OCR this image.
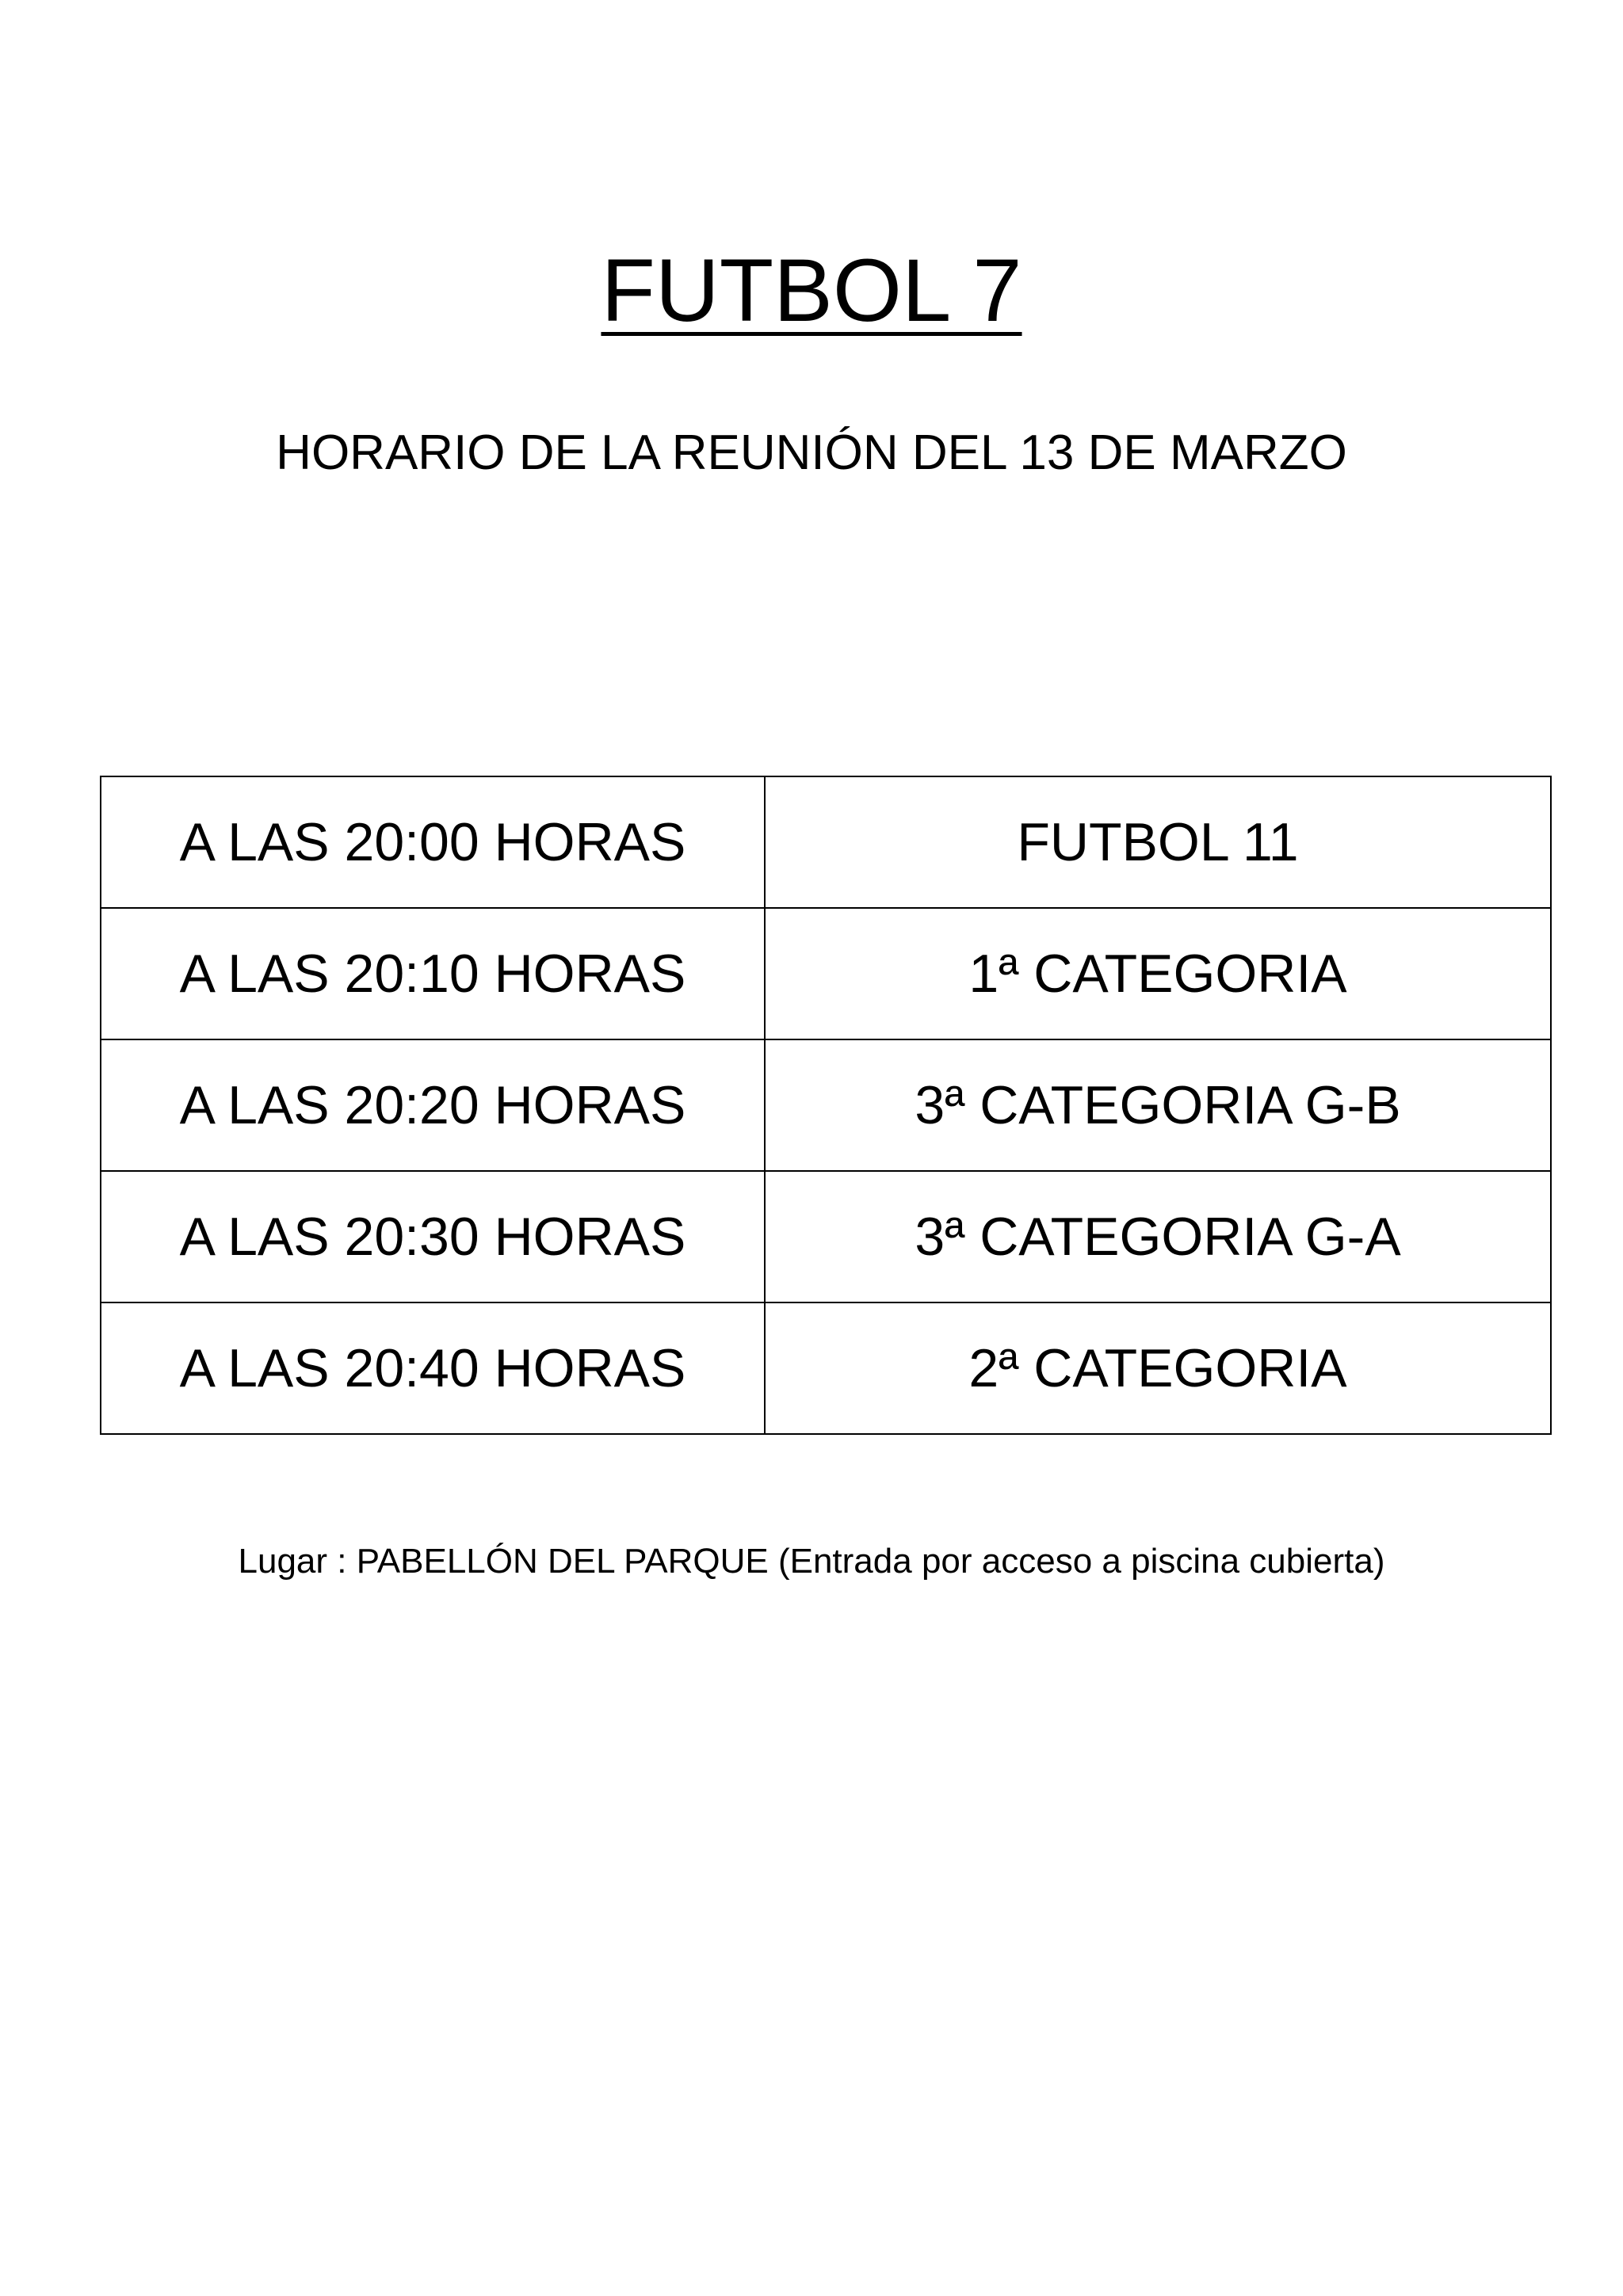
FUTBOL 7
HORARIO DE LA REUNIÓN DEL 13 DE MARZO
A LAS 20:00 HORAS	FUTBOL 11
A LAS 20:10 HORAS	1ª CATEGORIA
A LAS 20:20 HORAS	3ª CATEGORIA G-B
A LAS 20:30 HORAS	3ª CATEGORIA G-A
A LAS 20:40 HORAS	2ª CATEGORIA
Lugar : PABELLÓN DEL PARQUE (Entrada por acceso a piscina cubierta)
